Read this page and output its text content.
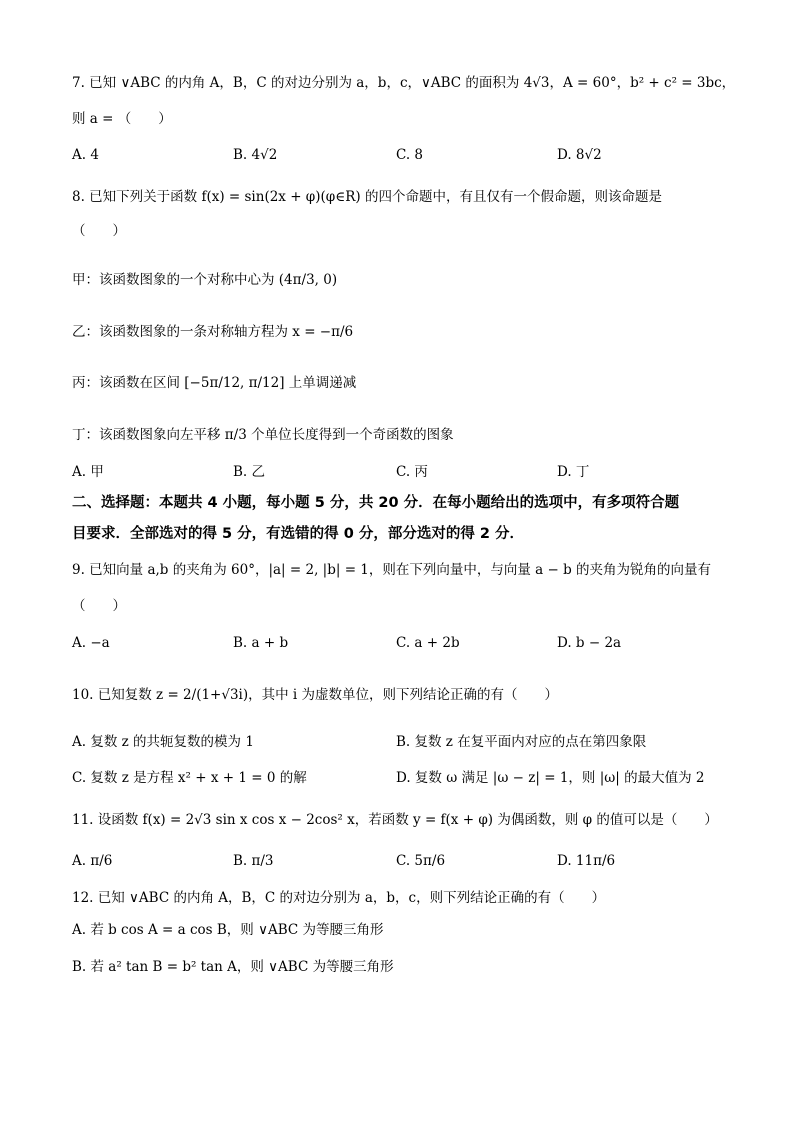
7. 已知 ∨ABC 的内角 A，B，C 的对边分别为 a，b，c，∨ABC 的面积为 4√3，A = 60°，b² + c² = 3bc，
则 a = （　　）
A. 4	B. 4√2	C. 8	D. 8√2
8. 已知下列关于函数 f(x) = sin(2x + φ)(φ∈R) 的四个命题中，有且仅有一个假命题，则该命题是
（　　）
甲：该函数图象的一个对称中心为 (4π/3, 0)
乙：该函数图象的一条对称轴方程为 x = −π/6
丙：该函数在区间 [−5π/12, π/12] 上单调递减
丁：该函数图象向左平移 π/3 个单位长度得到一个奇函数的图象
A. 甲	B. 乙	C. 丙	D. 丁
二、选择题：本题共 4 小题，每小题 5 分，共 20 分．在每小题给出的选项中，有多项符合题
目要求．全部选对的得 5 分，有选错的得 0 分，部分选对的得 2 分．
9. 已知向量 a,b 的夹角为 60°，|a| = 2, |b| = 1，则在下列向量中，与向量 a − b 的夹角为锐角的向量有
（　　）
A. −a	B. a + b	C. a + 2b	D. b − 2a
10. 已知复数 z = 2/(1+√3i)，其中 i 为虚数单位，则下列结论正确的有（　　）
A. 复数 z 的共轭复数的模为 1	B. 复数 z 在复平面内对应的点在第四象限
C. 复数 z 是方程 x² + x + 1 = 0 的解	D. 复数 ω 满足 |ω − z| = 1，则 |ω| 的最大值为 2
11. 设函数 f(x) = 2√3 sin x cos x − 2cos² x，若函数 y = f(x + φ) 为偶函数，则 φ 的值可以是（　　）
A. π/6	B. π/3	C. 5π/6	D. 11π/6
12. 已知 ∨ABC 的内角 A，B，C 的对边分别为 a，b，c，则下列结论正确的有（　　）
A. 若 b cos A = a cos B，则 ∨ABC 为等腰三角形
B. 若 a² tan B = b² tan A，则 ∨ABC 为等腰三角形
